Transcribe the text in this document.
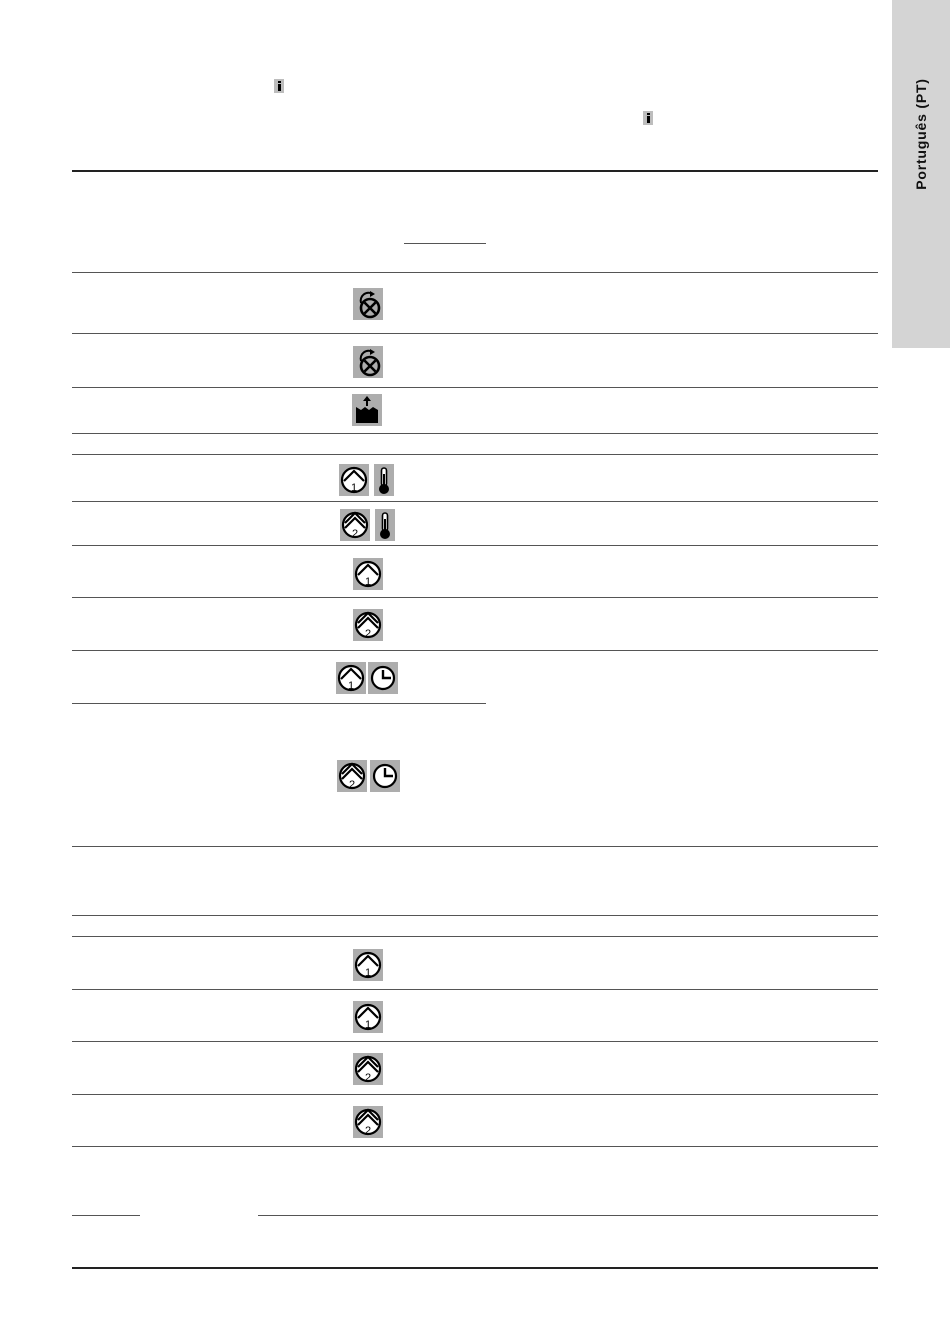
Português (PT)
1
2
1
2
1
2
1
1
2
2
